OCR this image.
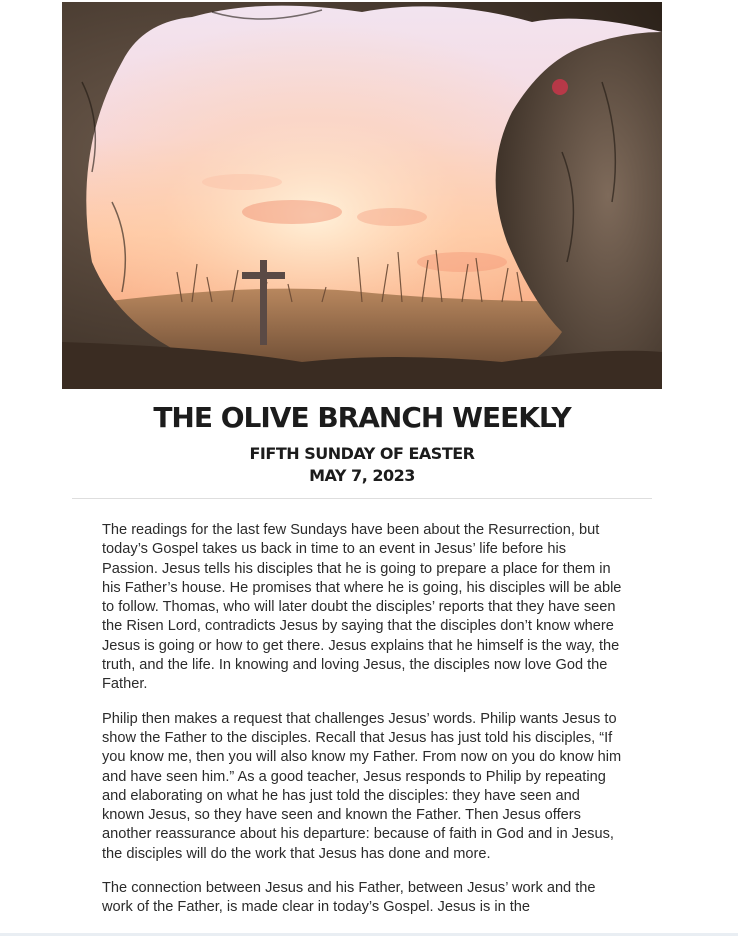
THE OLIVE BRANCH WEEKLY
FIFTH SUNDAY OF EASTER
MAY 7, 2023

The readings for the last few Sundays have been about the Resurrection, but today’s Gospel takes us back in time to an event in Jesus’ life before his Passion. Jesus tells his disciples that he is going to prepare a place for them in his Father’s house. He promises that where he is going, his disciples will be able to follow. Thomas, who will later doubt the disciples’ reports that they have seen the Risen Lord, contradicts Jesus by saying that the disciples don’t know where Jesus is going or how to get there. Jesus explains that he himself is the way, the truth, and the life. In knowing and loving Jesus, the disciples now love God the Father.

Philip then makes a request that challenges Jesus’ words. Philip wants Jesus to show the Father to the disciples. Recall that Jesus has just told his disciples, “If you know me, then you will also know my Father. From now on you do know him and have seen him.” As a good teacher, Jesus responds to Philip by repeating and elaborating on what he has just told the disciples: they have seen and known Jesus, so they have seen and known the Father. Then Jesus offers another reassurance about his departure: because of faith in God and in Jesus, the disciples will do the work that Jesus has done and more.

The connection between Jesus and his Father, between Jesus’ work and the work of the Father, is made clear in today’s Gospel. Jesus is in the
